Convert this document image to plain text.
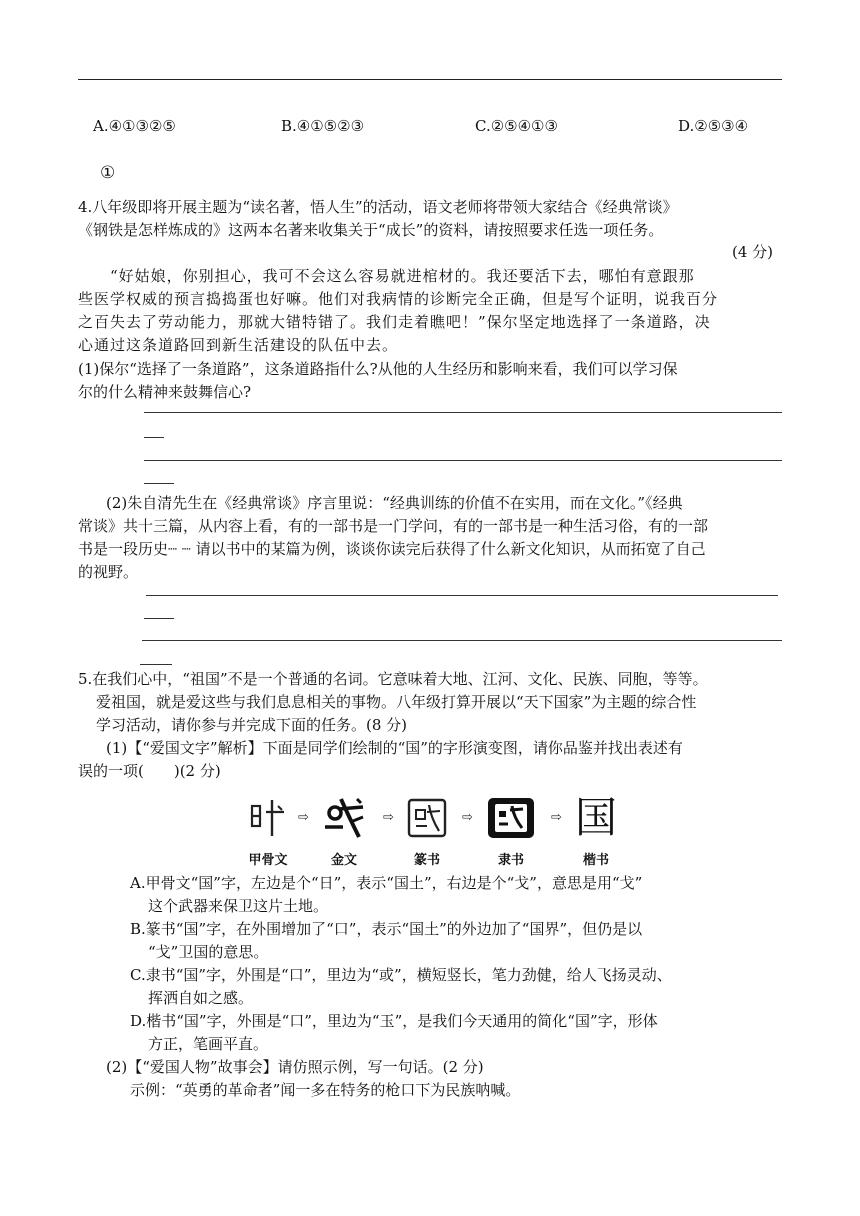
A.④①③②⑤	B.④①⑤②③	C.②⑤④①③	D.②⑤③④
①
4.八年级即将开展主题为“读名著，悟人生”的活动，语文老师将带领大家结合《经典常谈》
《钢铁是怎样炼成的》这两本名著来收集关于“成长”的资料，请按照要求任选一项任务。
(4 分)
“好姑娘，你别担心，我可不会这么容易就进棺材的。我还要活下去，哪怕有意跟那
些医学权威的预言捣捣蛋也好嘛。他们对我病情的诊断完全正确，但是写个证明，说我百分
之百失去了劳动能力，那就大错特错了。我们走着瞧吧！”保尔坚定地选择了一条道路，决
心通过这条道路回到新生活建设的队伍中去。
(1)保尔“选择了一条道路”，这条道路指什么?从他的人生经历和影响来看，我们可以学习保
尔的什么精神来鼓舞信心?
(2)朱自清先生在《经典常谈》序言里说：“经典训练的价值不在实用，而在文化。”《经典
常谈》共十三篇，从内容上看，有的一部书是一门学问，有的一部书是一种生活习俗，有的一部
书是一段历史┈ ┈ 请以书中的某篇为例，谈谈你读完后获得了什么新文化知识，从而拓宽了自己
的视野。
5.在我们心中，“祖国”不是一个普通的名词。它意味着大地、江河、文化、民族、同胞，等等。
爱祖国，就是爱这些与我们息息相关的事物。八年级打算开展以“天下国家”为主题的综合性
学习活动，请你参与并完成下面的任务。(8 分)
(1)【“爱国文字”解析】下面是同学们绘制的“国”的字形演变图，请你品鉴并找出表述有
误的一项(　　)(2 分)
甲骨文
⇨
金文
⇨
篆书
⇨
隶书
⇨ 国
楷书
A.甲骨文“国”字，左边是个“日”，表示“国土”，右边是个“戈”，意思是用“戈”
这个武器来保卫这片土地。
B.篆书“国”字，在外围增加了“口”，表示“国土”的外边加了“国界”，但仍是以
“戈”卫国的意思。
C.隶书“国”字，外围是“口”，里边为“或”，横短竖长，笔力劲健，给人飞扬灵动、
挥洒自如之感。
D.楷书“国”字，外围是“口”，里边为“玉”，是我们今天通用的简化“国”字，形体
方正，笔画平直。
(2)【“爱国人物”故事会】请仿照示例，写一句话。(2 分)
示例：“英勇的革命者”闻一多在特务的枪口下为民族呐喊。
